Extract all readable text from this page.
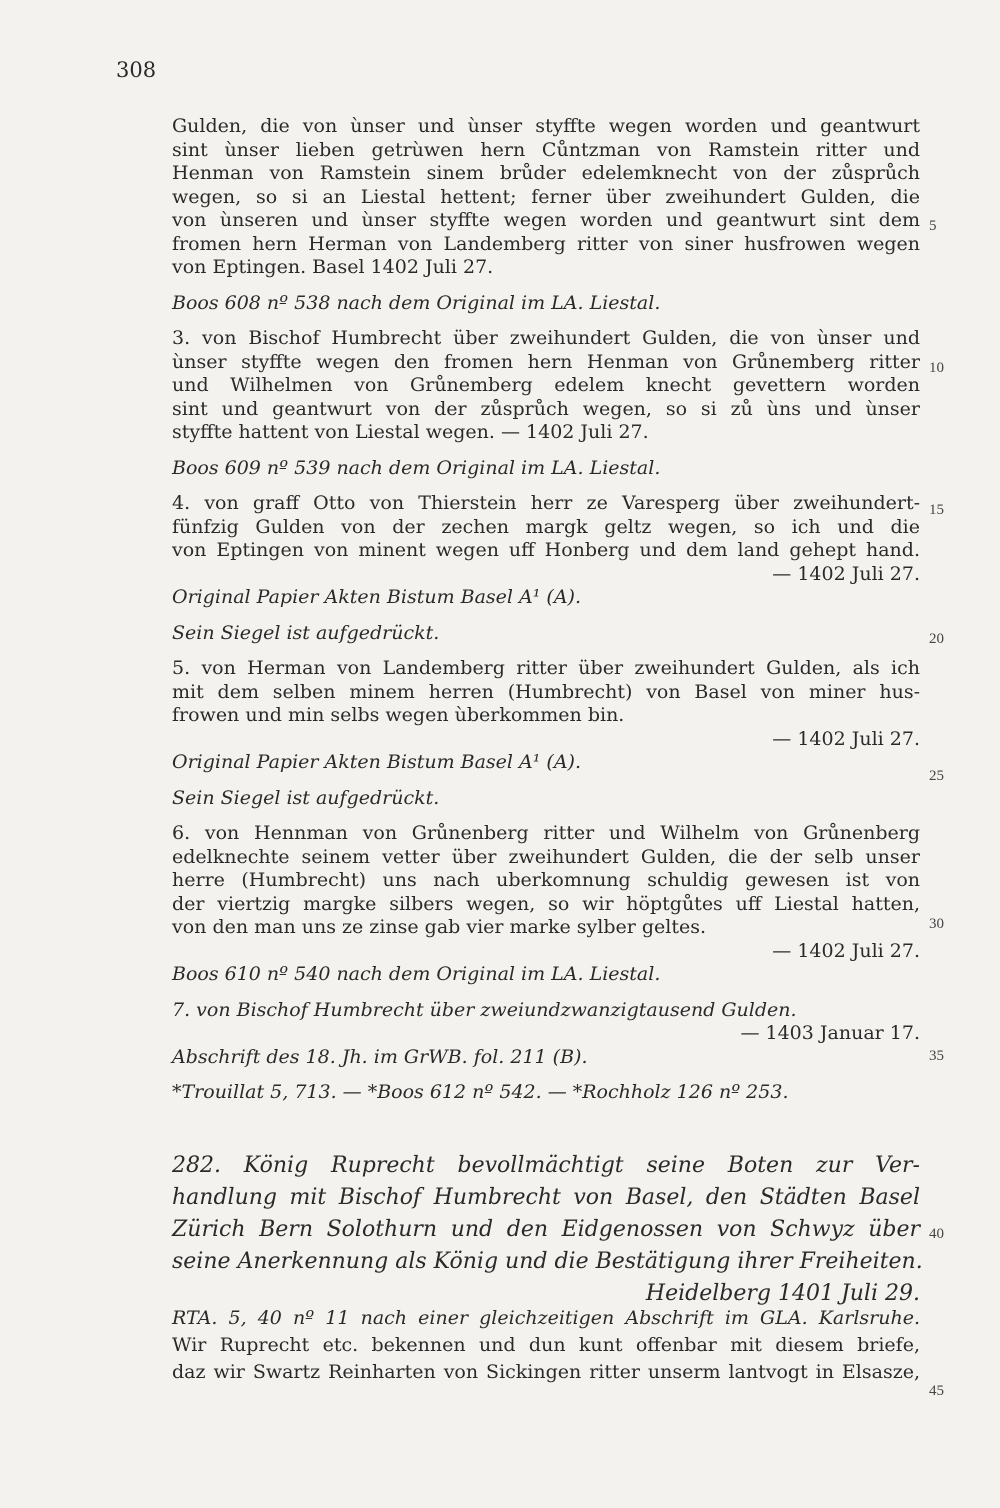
308
Gulden, die von ùnser und ùnser styffte wegen worden und geantwurt
sint ùnser lieben getrùwen hern Cůntzman von Ramstein ritter und
Henman von Ramstein sinem brůder edelemknecht von der zůsprůch
wegen, so si an Liestal hettent; ferner über zweihundert Gulden, die
von ùnseren und ùnser styffte wegen worden und geantwurt sint dem
fromen hern Herman von Landemberg ritter von siner husfrowen wegen
von Eptingen. Basel 1402 Juli 27.
Boos 608 nº 538 nach dem Original im LA. Liestal.
3. von Bischof Humbrecht über zweihundert Gulden, die von ùnser und
ùnser styffte wegen den fromen hern Henman von Grůnemberg ritter
und Wilhelmen von Grůnemberg edelem knecht gevettern worden
sint und geantwurt von der zůsprůch wegen, so si zů ùns und ùnser
styffte hattent von Liestal wegen. — 1402 Juli 27.
Boos 609 nº 539 nach dem Original im LA. Liestal.
4. von graff Otto von Thierstein herr ze Varesperg über zweihundert-
fünfzig Gulden von der zechen margk geltz wegen, so ich und die
von Eptingen von minent wegen uff Honberg und dem land gehept hand.
— 1402 Juli 27.
Original Papier Akten Bistum Basel A¹ (A).
Sein Siegel ist aufgedrückt.
5. von Herman von Landemberg ritter über zweihundert Gulden, als ich
mit dem selben minem herren (Humbrecht) von Basel von miner hus-
frowen und min selbs wegen ùberkommen bin.
— 1402 Juli 27.
Original Papier Akten Bistum Basel A¹ (A).
Sein Siegel ist aufgedrückt.
6. von Hennman von Grůnenberg ritter und Wilhelm von Grůnenberg
edelknechte seinem vetter über zweihundert Gulden, die der selb unser
herre (Humbrecht) uns nach uberkomnung schuldig gewesen ist von
der viertzig margke silbers wegen, so wir höptgůtes uff Liestal hatten,
von den man uns ze zinse gab vier marke sylber geltes.
— 1402 Juli 27.
Boos 610 nº 540 nach dem Original im LA. Liestal.
7. von Bischof Humbrecht über zweiundzwanzigtausend Gulden.
— 1403 Januar 17.
Abschrift des 18. Jh. im GrWB. fol. 211 (B).
*Trouillat 5, 713. — *Boos 612 nº 542. — *Rochholz 126 nº 253.
282. König Ruprecht bevollmächtigt seine Boten zur Ver-
handlung mit Bischof Humbrecht von Basel, den Städten Basel
Zürich Bern Solothurn und den Eidgenossen von Schwyz über
seine Anerkennung als König und die Bestätigung ihrer Freiheiten.
Heidelberg 1401 Juli 29.
RTA. 5, 40 nº 11 nach einer gleichzeitigen Abschrift im GLA. Karlsruhe.
Wir Ruprecht etc. bekennen und dun kunt offenbar mit diesem briefe,
daz wir Swartz Reinharten von Sickingen ritter unserm lantvogt in Elsasze,
5
10
15
20
25
30
35
40
45
